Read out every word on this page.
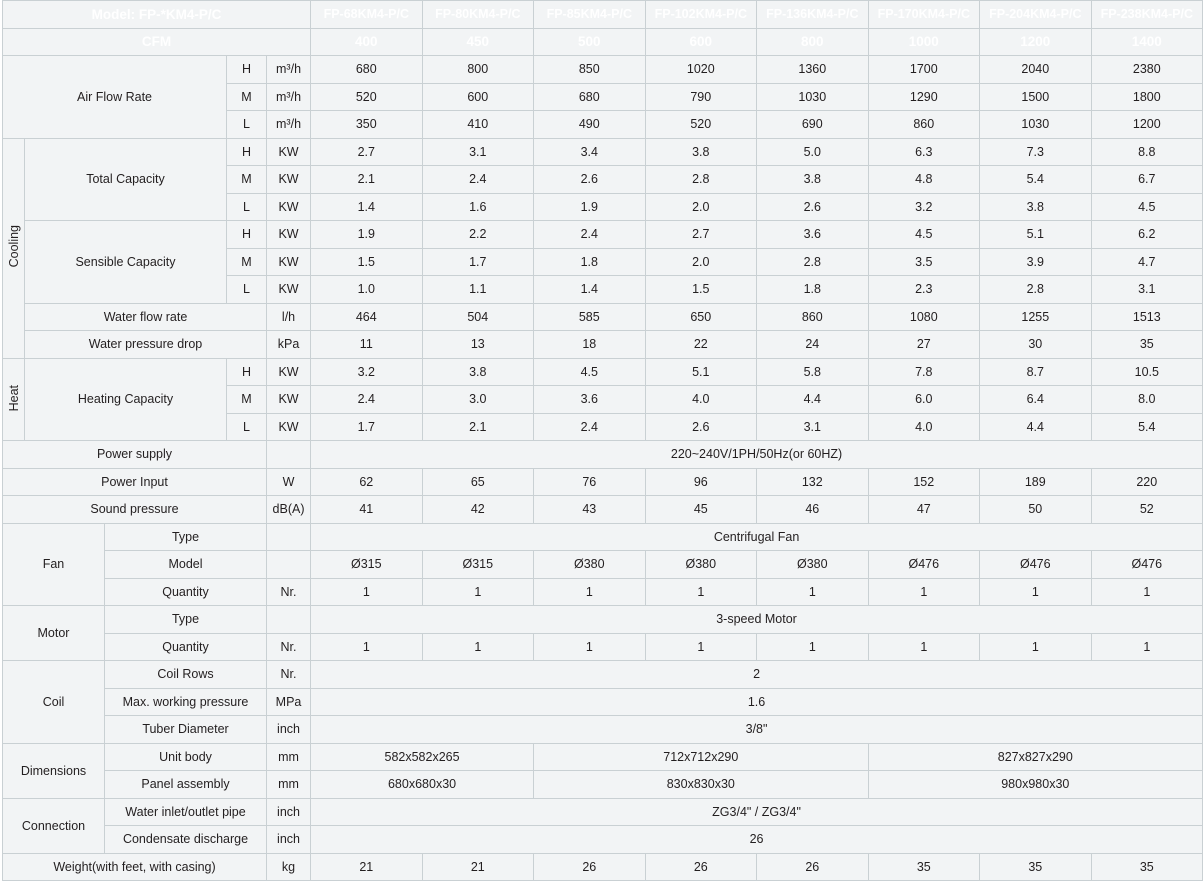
Model: FP-*KM4-P/C					FP-68KM4-P/C	FP-80KM4-P/C	FP-85KM4-P/C	FP-102KM4-P/C	FP-136KM4-P/C	FP-170KM4-P/C	FP-204KM4-P/C	FP-238KM4-P/C
CFM					400	450	500	600	800	1000	1200	1400
Air Flow Rate			H	m³/h	680	800	850	1020	1360	1700	2040	2380
			M	m³/h	520	600	680	790	1030	1290	1500	1800
			L	m³/h	350	410	490	520	690	860	1030	1200
Cooling	Total Capacity		H	KW	2.7	3.1	3.4	3.8	5.0	6.3	7.3	8.8
			M	KW	2.1	2.4	2.6	2.8	3.8	4.8	5.4	6.7
			L	KW	1.4	1.6	1.9	2.0	2.6	3.2	3.8	4.5
	Sensible Capacity		H	KW	1.9	2.2	2.4	2.7	3.6	4.5	5.1	6.2
			M	KW	1.5	1.7	1.8	2.0	2.8	3.5	3.9	4.7
			L	KW	1.0	1.1	1.4	1.5	1.8	2.3	2.8	3.1
	Water flow rate			l/h	464	504	585	650	860	1080	1255	1513
	Water pressure drop			kPa	11	13	18	22	24	27	30	35
Heat	Heating Capacity		H	KW	3.2	3.8	4.5	5.1	5.8	7.8	8.7	10.5
			M	KW	2.4	3.0	3.6	4.0	4.4	6.0	6.4	8.0
			L	KW	1.7	2.1	2.4	2.6	3.1	4.0	4.4	5.4
Power supply					220~240V/1PH/50Hz(or 60HZ)							
Power Input				W	62	65	76	96	132	152	189	220
Sound pressure				dB(A)	41	42	43	45	46	47	50	52
Fan		Type			Centrifugal Fan							
		Model			Ø315	Ø315	Ø380	Ø380	Ø380	Ø476	Ø476	Ø476
		Quantity		Nr.	1	1	1	1	1	1	1	1
Motor		Type			3-speed Motor							
		Quantity		Nr.	1	1	1	1	1	1	1	1
Coil		Coil Rows		Nr.	2							
		Max. working pressure		MPa	1.6							
		Tuber Diameter		inch	3/8"							
Dimensions		Unit body		mm	582x582x265		712x712x290			827x827x290		
		Panel assembly		mm	680x680x30		830x830x30			980x980x30		
Connection		Water inlet/outlet pipe		inch	ZG3/4" / ZG3/4"							
		Condensate discharge		inch	26							
Weight(with feet, with casing)				kg	21	21	26	26	26	35	35	35
